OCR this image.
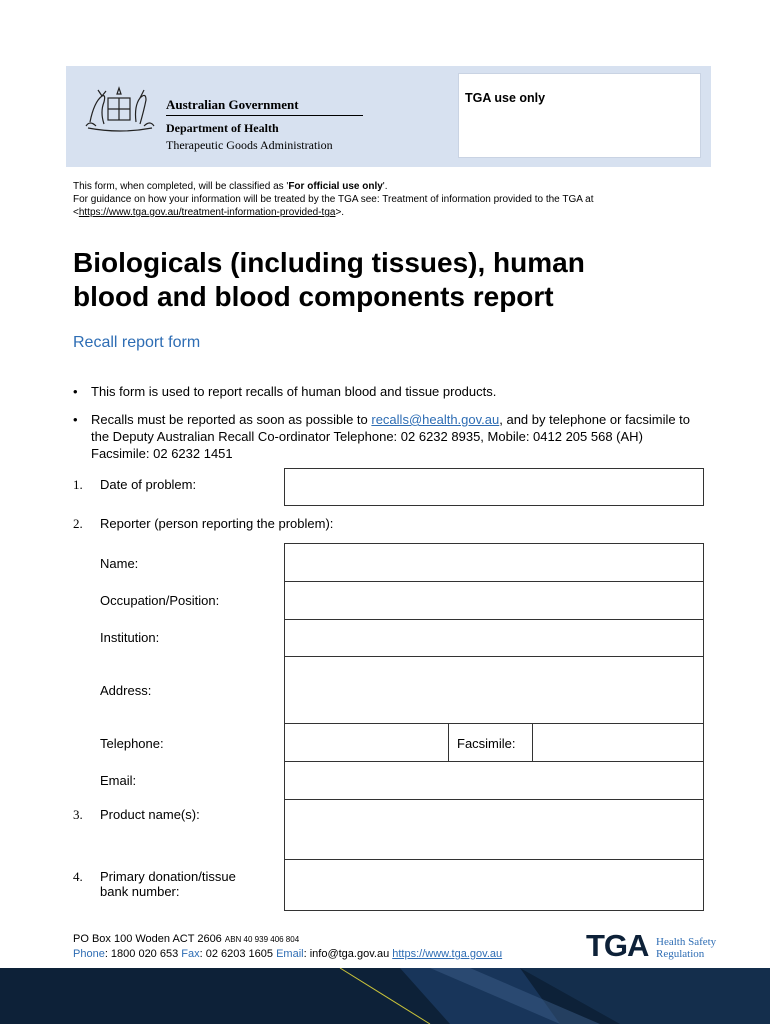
Australian Government
Department of Health
Therapeutic Goods Administration
TGA use only
This form, when completed, will be classified as 'For official use only'.
For guidance on how your information will be treated by the TGA see: Treatment of information provided to the TGA at
<https://www.tga.gov.au/treatment-information-provided-tga>.
Biologicals (including tissues), human
blood and blood components report
Recall report form
• This form is used to report recalls of human blood and tissue products.
• Recalls must be reported as soon as possible to recalls@health.gov.au, and by telephone or facsimile to the Deputy Australian Recall Co-ordinator Telephone: 02 6232 8935, Mobile: 0412 205 568 (AH) Facsimile: 02 6232 1451
1. Date of problem:
2. Reporter (person reporting the problem):
Name:
Occupation/Position:
Institution:
Address:
Telephone:	Facsimile:
Email:
3. Product name(s):
4. Primary donation/tissue
bank number:
PO Box 100 Woden ACT 2606 ABN 40 939 406 804
Phone: 1800 020 653 Fax: 02 6203 1605 Email: info@tga.gov.au https://www.tga.gov.au	TGA Health Safety
Regulation
